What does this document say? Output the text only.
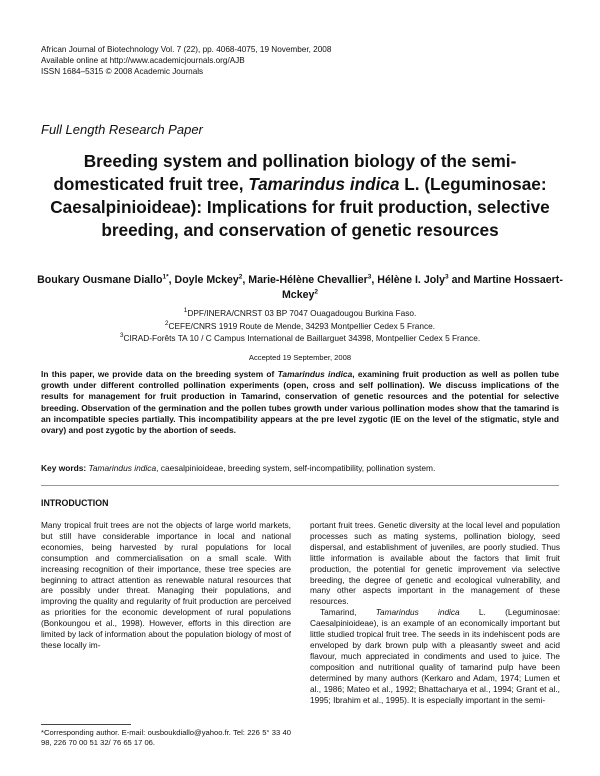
African Journal of Biotechnology Vol. 7 (22), pp. 4068-4075, 19 November, 2008
Available online at http://www.academicjournals.org/AJB
ISSN 1684–5315 © 2008 Academic Journals
Full Length Research Paper
Breeding system and pollination biology of the semi-domesticated fruit tree, Tamarindus indica L. (Leguminosae: Caesalpinioideae): Implications for fruit production, selective breeding, and conservation of genetic resources
Boukary Ousmane Diallo$^{1*}$, Doyle Mckey$^2$, Marie-Hélène Chevallier$^3$, Hélène I. Joly$^3$ and Martine Hossaert-Mckey$^2$
$^1$DPF/INERA/CNRST 03 BP 7047 Ouagadougou Burkina Faso.
$^2$CEFE/CNRS 1919 Route de Mende, 34293 Montpellier Cedex 5 France.
$^3$CIRAD-Forêts TA 10 / C Campus International de Baillarguet 34398, Montpellier Cedex 5 France.
Accepted 19 September, 2008
In this paper, we provide data on the breeding system of Tamarindus indica, examining fruit production as well as pollen tube growth under different controlled pollination experiments (open, cross and self pollination). We discuss implications of the results for management for fruit production in Tamarind, conservation of genetic resources and the potential for selective breeding. Observation of the germination and the pollen tubes growth under various pollination modes show that the tamarind is an incompatible species partially. This incompatibility appears at the pre level zygotic (IE on the level of the stigmatic, style and ovary) and post zygotic by the abortion of seeds.
Key words: Tamarindus indica, caesalpinioideae, breeding system, self-incompatibility, pollination system.
INTRODUCTION

Many tropical fruit trees are not the objects of large world markets, but still have considerable importance in local and national economies, being harvested by rural populations for local consumption and commercialisation on a small scale. With increasing recognition of their importance, these tree species are beginning to attract attention as renewable natural resources that are possibly under threat. Managing their populations, and improving the quality and regularity of fruit production are perceived as priorities for the economic development of rural populations (Bonkoungou et al., 1998). However, efforts in this direction are limited by lack of information about the population biology of most of these locally im-

portant fruit trees. Genetic diversity at the local level and population processes such as mating systems, pollination biology, seed dispersal, and establishment of juveniles, are poorly studied. Thus little information is available about the factors that limit fruit production, the potential for genetic improvement via selective breeding, the degree of genetic and ecological vulnerability, and many other aspects important in the management of these resources.

Tamarind, Tamarindus indica L. (Leguminosae: Caesalpinioideae), is an example of an economically important but little studied tropical fruit tree. The seeds in its indehiscent pods are enveloped by dark brown pulp with a pleasantly sweet and acid flavour, much appreciated in condiments and used to juice. The composition and nutritional quality of tamarind pulp have been determined by many authors (Kerkaro and Adam, 1974; Lumen et al., 1986; Mateo et al., 1992; Bhattacharya et al., 1994; Grant et al., 1995; Ibrahim et al., 1995). It is especially important in the semi-

*Corresponding author. E-mail: ousboukdiallo@yahoo.fr. Tel: 226 5° 33 40 98, 226 70 00 51 32/ 76 65 17 06.
